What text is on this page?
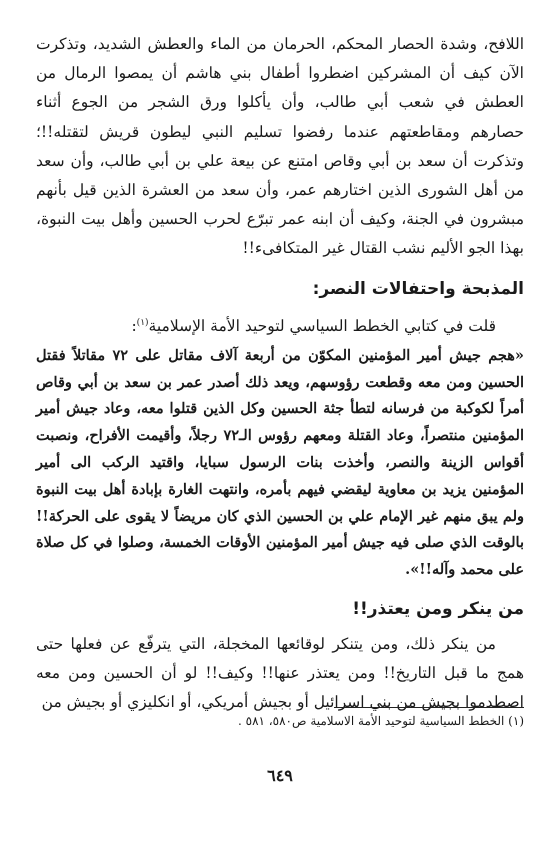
اللافح، وشدة الحصار المحكم، الحرمان من الماء والعطش الشديد، وتذكرت الآن كيف أن المشركين اضطروا أطفال بني هاشم أن يمصوا الرمال من العطش في شعب أبي طالب، وأن يأكلوا ورق الشجر من الجوع أثناء حصارهم ومقاطعتهم عندما رفضوا تسليم النبي ليطون قريش لتقتله!!؛ وتذكرت أن سعد بن أبي وقاص امتنع عن بيعة علي بن أبي طالب، وأن سعد من أهل الشورى الذين اختارهم عمر، وأن سعد من العشرة الذين قيل بأنهم مبشرون في الجنة، وكيف أن ابنه عمر تبرّع لحرب الحسين وأهل بيت النبوة، بهذا الجو الأليم نشب القتال غير المتكافىء!!

المذبحة واحتفالات النصر:

قلت في كتابي الخطط السياسي لتوحيد الأمة الإسلامية$^{(١)}$:

«هجم جيش أمير المؤمنين المكوّن من أربعة آلاف مقاتل على ٧٢ مقاتلاً فقتل الحسين ومن معه وقطعت رؤوسهم، ويعد ذلك أصدر عمر بن سعد بن أبي وقاص أمراً لكوكبة من فرسانه لتطأ جثة الحسين وكل الذين قتلوا معه، وعاد جيش أمير المؤمنين منتصراً، وعاد القتلة ومعهم رؤوس الـ٧٢ رجلاً، وأقيمت الأفراح، ونصبت أقواس الزينة والنصر، وأخذت بنات الرسول سبايا، واقتيد الركب الى أمير المؤمنين يزيد بن معاوية ليقضي فيهم بأمره، وانتهت الغارة بإبادة أهل بيت النبوة ولم يبق منهم غير الإمام علي بن الحسين الذي كان مريضاً لا يقوى على الحركة!! بالوقت الذي صلى فيه جيش أمير المؤمنين الأوقات الخمسة، وصلوا في كل صلاة على محمد وآله!!».

من ينكر ومن يعتذر!!

من ينكر ذلك، ومن يتنكر لوقائعها المخجلة، التي يترفّع عن فعلها حتى همج ما قبل التاريخ!! ومن يعتذر عنها!! وكيف!! لو أن الحسين ومن معه اصطدموا بجيش من بني اسرائيل أو بجيش أمريكي، أو انكليزي أو بجيش من

(١) الخطط السياسية لتوحيد الأمة الاسلامية ص٥٨٠، ٥٨١ .
٦٤٩
